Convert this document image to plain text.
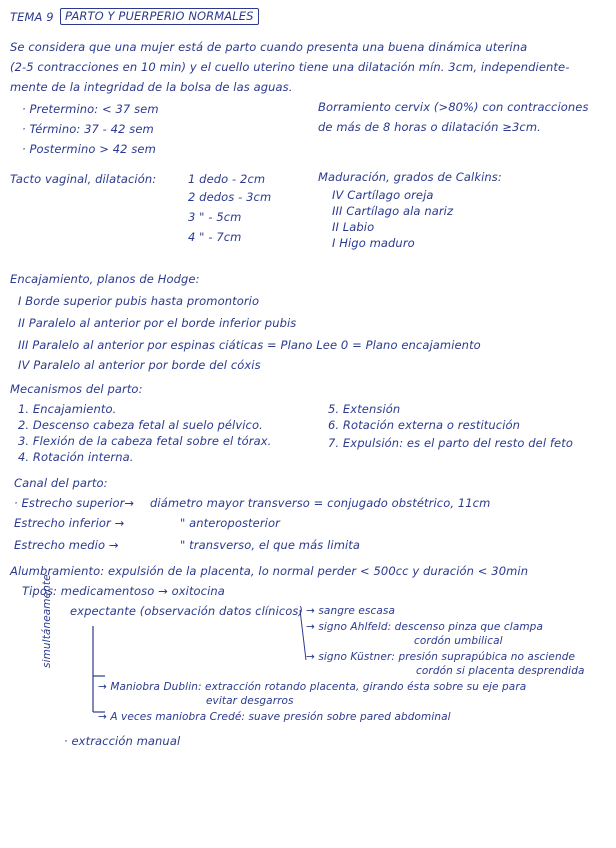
TEMA 9 PARTO Y PUERPERIO NORMALES
Se considera que una mujer está de parto cuando presenta una buena dinámica uterina
(2-5 contracciones en 10 min) y el cuello uterino tiene una dilatación mín. 3cm, independiente-
mente de la integridad de la bolsa de las aguas.
· Pretermino: < 37 sem
· Término: 37 - 42 sem
· Postermino > 42 sem
Borramiento cervix (>80%) con contracciones
de más de 8 horas o dilatación ≥3cm.
Tacto vaginal, dilatación:	1 dedo - 2cm
2 dedos - 3cm
3 " - 5cm
4 " - 7cm
Maduración, grados de Calkins:
IV Cartílago oreja
III Cartílago ala nariz
II Labio
I Higo maduro
Encajamiento, planos de Hodge:
I Borde superior pubis hasta promontorio
II Paralelo al anterior por el borde inferior pubis
III Paralelo al anterior por espinas ciáticas = Plano Lee 0 = Plano encajamiento
IV Paralelo al anterior por borde del cóxis
Mecanismos del parto:
1. Encajamiento.
2. Descenso cabeza fetal al suelo pélvico.
3. Flexión de la cabeza fetal sobre el tórax.
4. Rotación interna.
5. Extensión
6. Rotación externa o restitución
7. Expulsión: es el parto del resto del feto
Canal del parto:
· Estrecho superior→ diámetro mayor transverso = conjugado obstétrico, 11cm
Estrecho inferior →	" anteroposterior
Estrecho medio →	" transverso, el que más limita
Alumbramiento: expulsión de la placenta, lo normal perder < 500cc y duración < 30min
Tipos: medicamentoso → oxitocina
expectante (observación datos clínicos) → sangre escasa
→ signo Ahlfeld: descenso pinza que clampa
cordón umbilical
→ signo Küstner: presión suprapúbica no asciende
cordón si placenta desprendida
→ Maniobra Dublin: extracción rotando placenta, girando ésta sobre su eje para
evitar desgarros
→ A veces maniobra Credé: suave presión sobre pared abdominal
· extracción manual
simultáneamente
